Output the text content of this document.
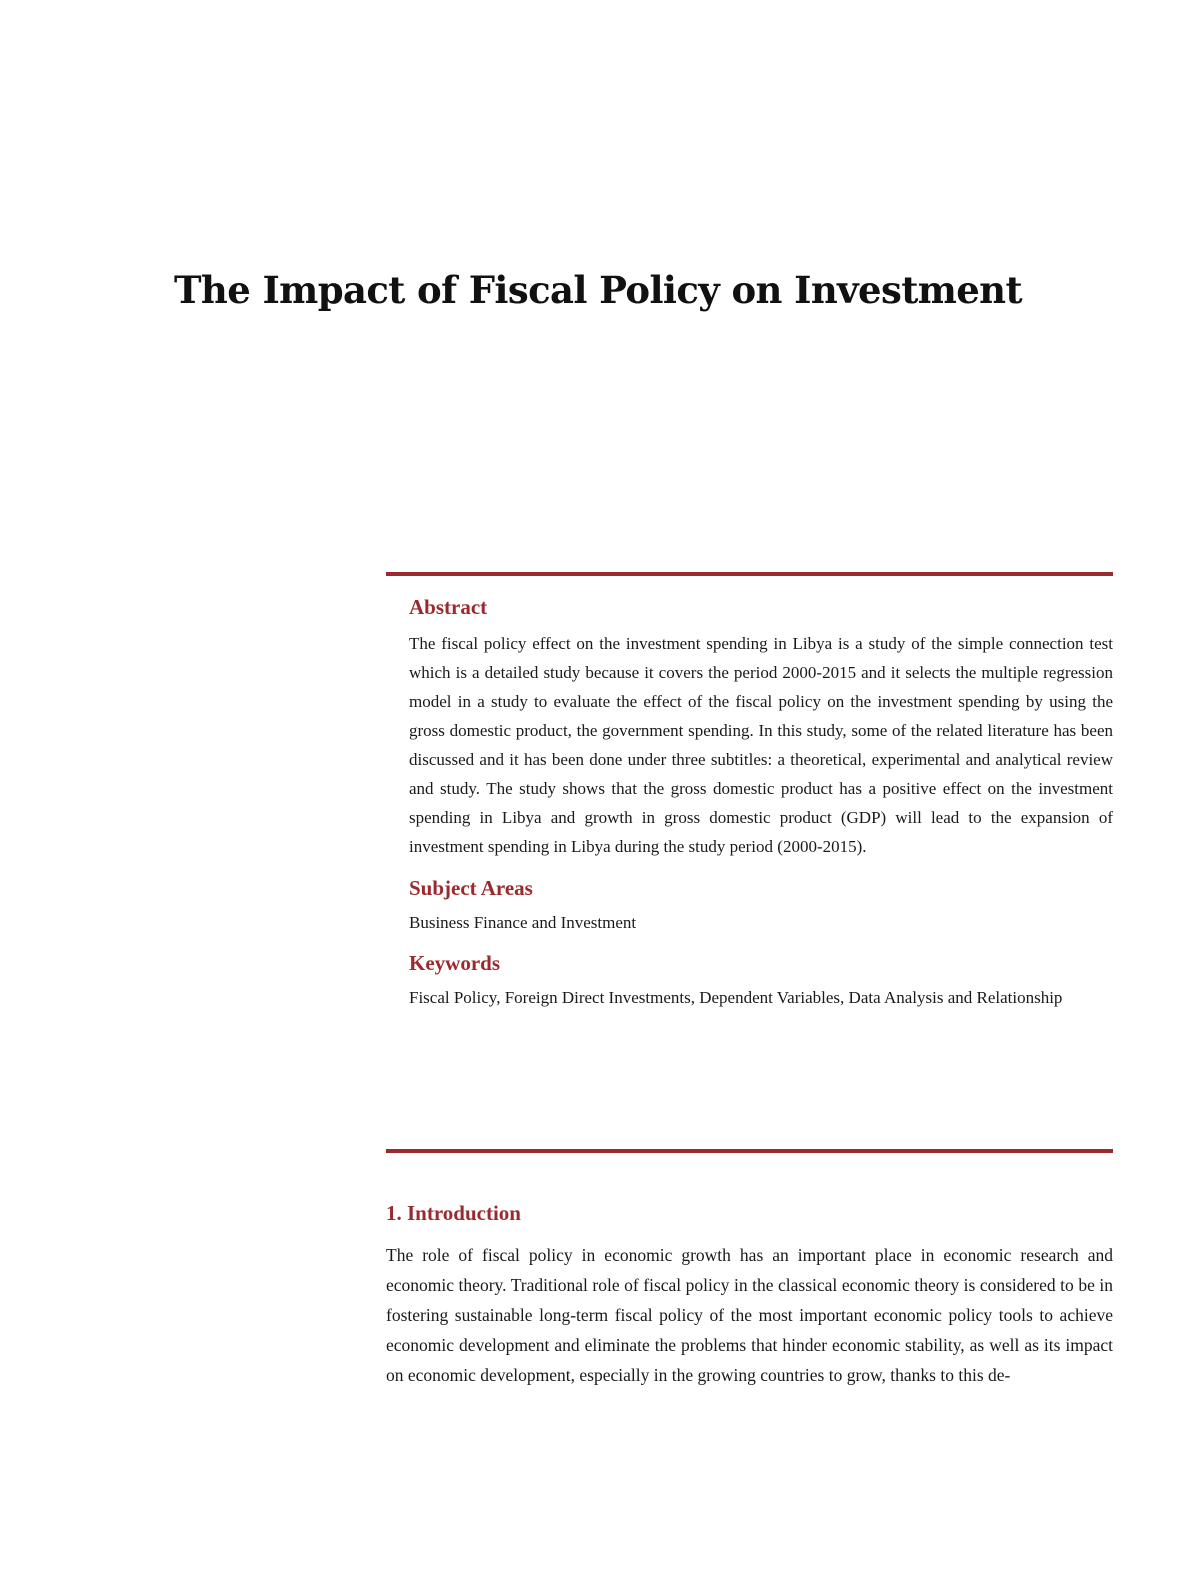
The Impact of Fiscal Policy on Investment
Abstract

The fiscal policy effect on the investment spending in Libya is a study of the simple connection test which is a detailed study because it covers the period 2000-2015 and it selects the multiple regression model in a study to evaluate the effect of the fiscal policy on the investment spending by using the gross domestic product, the government spending. In this study, some of the related literature has been discussed and it has been done under three subtitles: a theoretical, experimental and analytical review and study. The study shows that the gross domestic product has a positive effect on the investment spending in Libya and growth in gross domestic product (GDP) will lead to the expansion of investment spending in Libya during the study period (2000-2015).

Subject Areas

Business Finance and Investment

Keywords

Fiscal Policy, Foreign Direct Investments, Dependent Variables, Data Analysis and Relationship

1. Introduction

The role of fiscal policy in economic growth has an important place in economic research and economic theory. Traditional role of fiscal policy in the classical economic theory is considered to be in fostering sustainable long-term fiscal policy of the most important economic policy tools to achieve economic development and eliminate the problems that hinder economic stability, as well as its impact on economic development, especially in the growing countries to grow, thanks to this de-
